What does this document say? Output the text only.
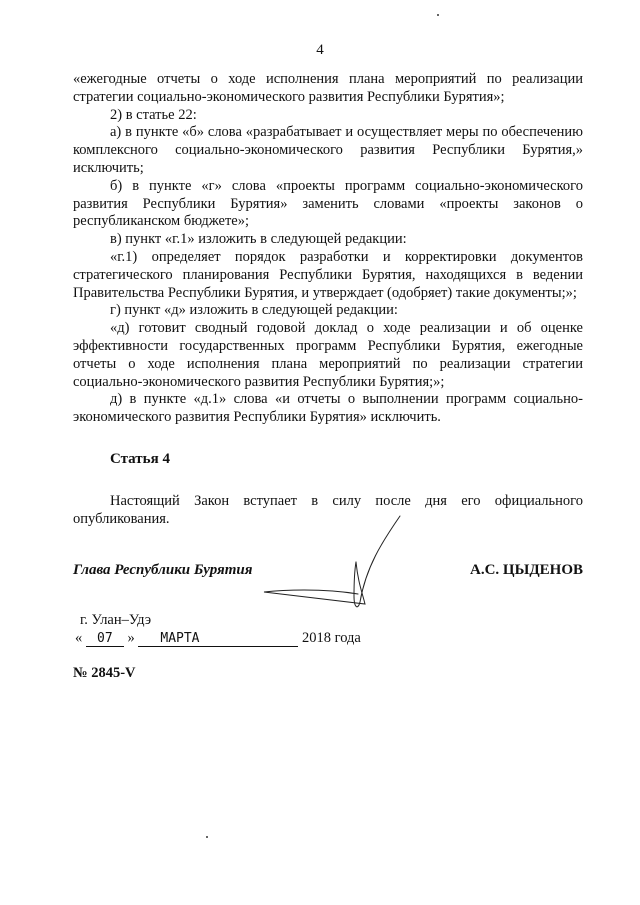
4

«ежегодные отчеты о ходе исполнения плана мероприятий по реализации стратегии социально-экономического развития Республики Бурятия»;

2) в статье 22:

а) в пункте «б» слова «разрабатывает и осуществляет меры по обеспечению комплексного социально-экономического развития Республики Бурятия,» исключить;

б) в пункте «г» слова «проекты программ социально-экономического развития Республики Бурятия» заменить словами «проекты законов о республиканском бюджете»;

в) пункт «г.1» изложить в следующей редакции:

«г.1) определяет порядок разработки и корректировки документов стратегического планирования Республики Бурятия, находящихся в ведении Правительства Республики Бурятия, и утверждает (одобряет) такие документы;»;

г) пункт «д» изложить в следующей редакции:

«д) готовит сводный годовой доклад о ходе реализации и об оценке эффективности государственных программ Республики Бурятия, ежегодные отчеты о ходе исполнения плана мероприятий по реализации стратегии социально-экономического развития Республики Бурятия;»;

д) в пункте «д.1» слова «и отчеты о выполнении программ социально-экономического развития Республики Бурятия» исключить.

Статья 4
Настоящий Закон вступает в силу после дня его официального опубликования.
Глава Республики Бурятия	А.С. ЦЫДЕНОВ
г. Улан–Удэ
« 07 » МАРТА	2018 года
№ 2845-V
